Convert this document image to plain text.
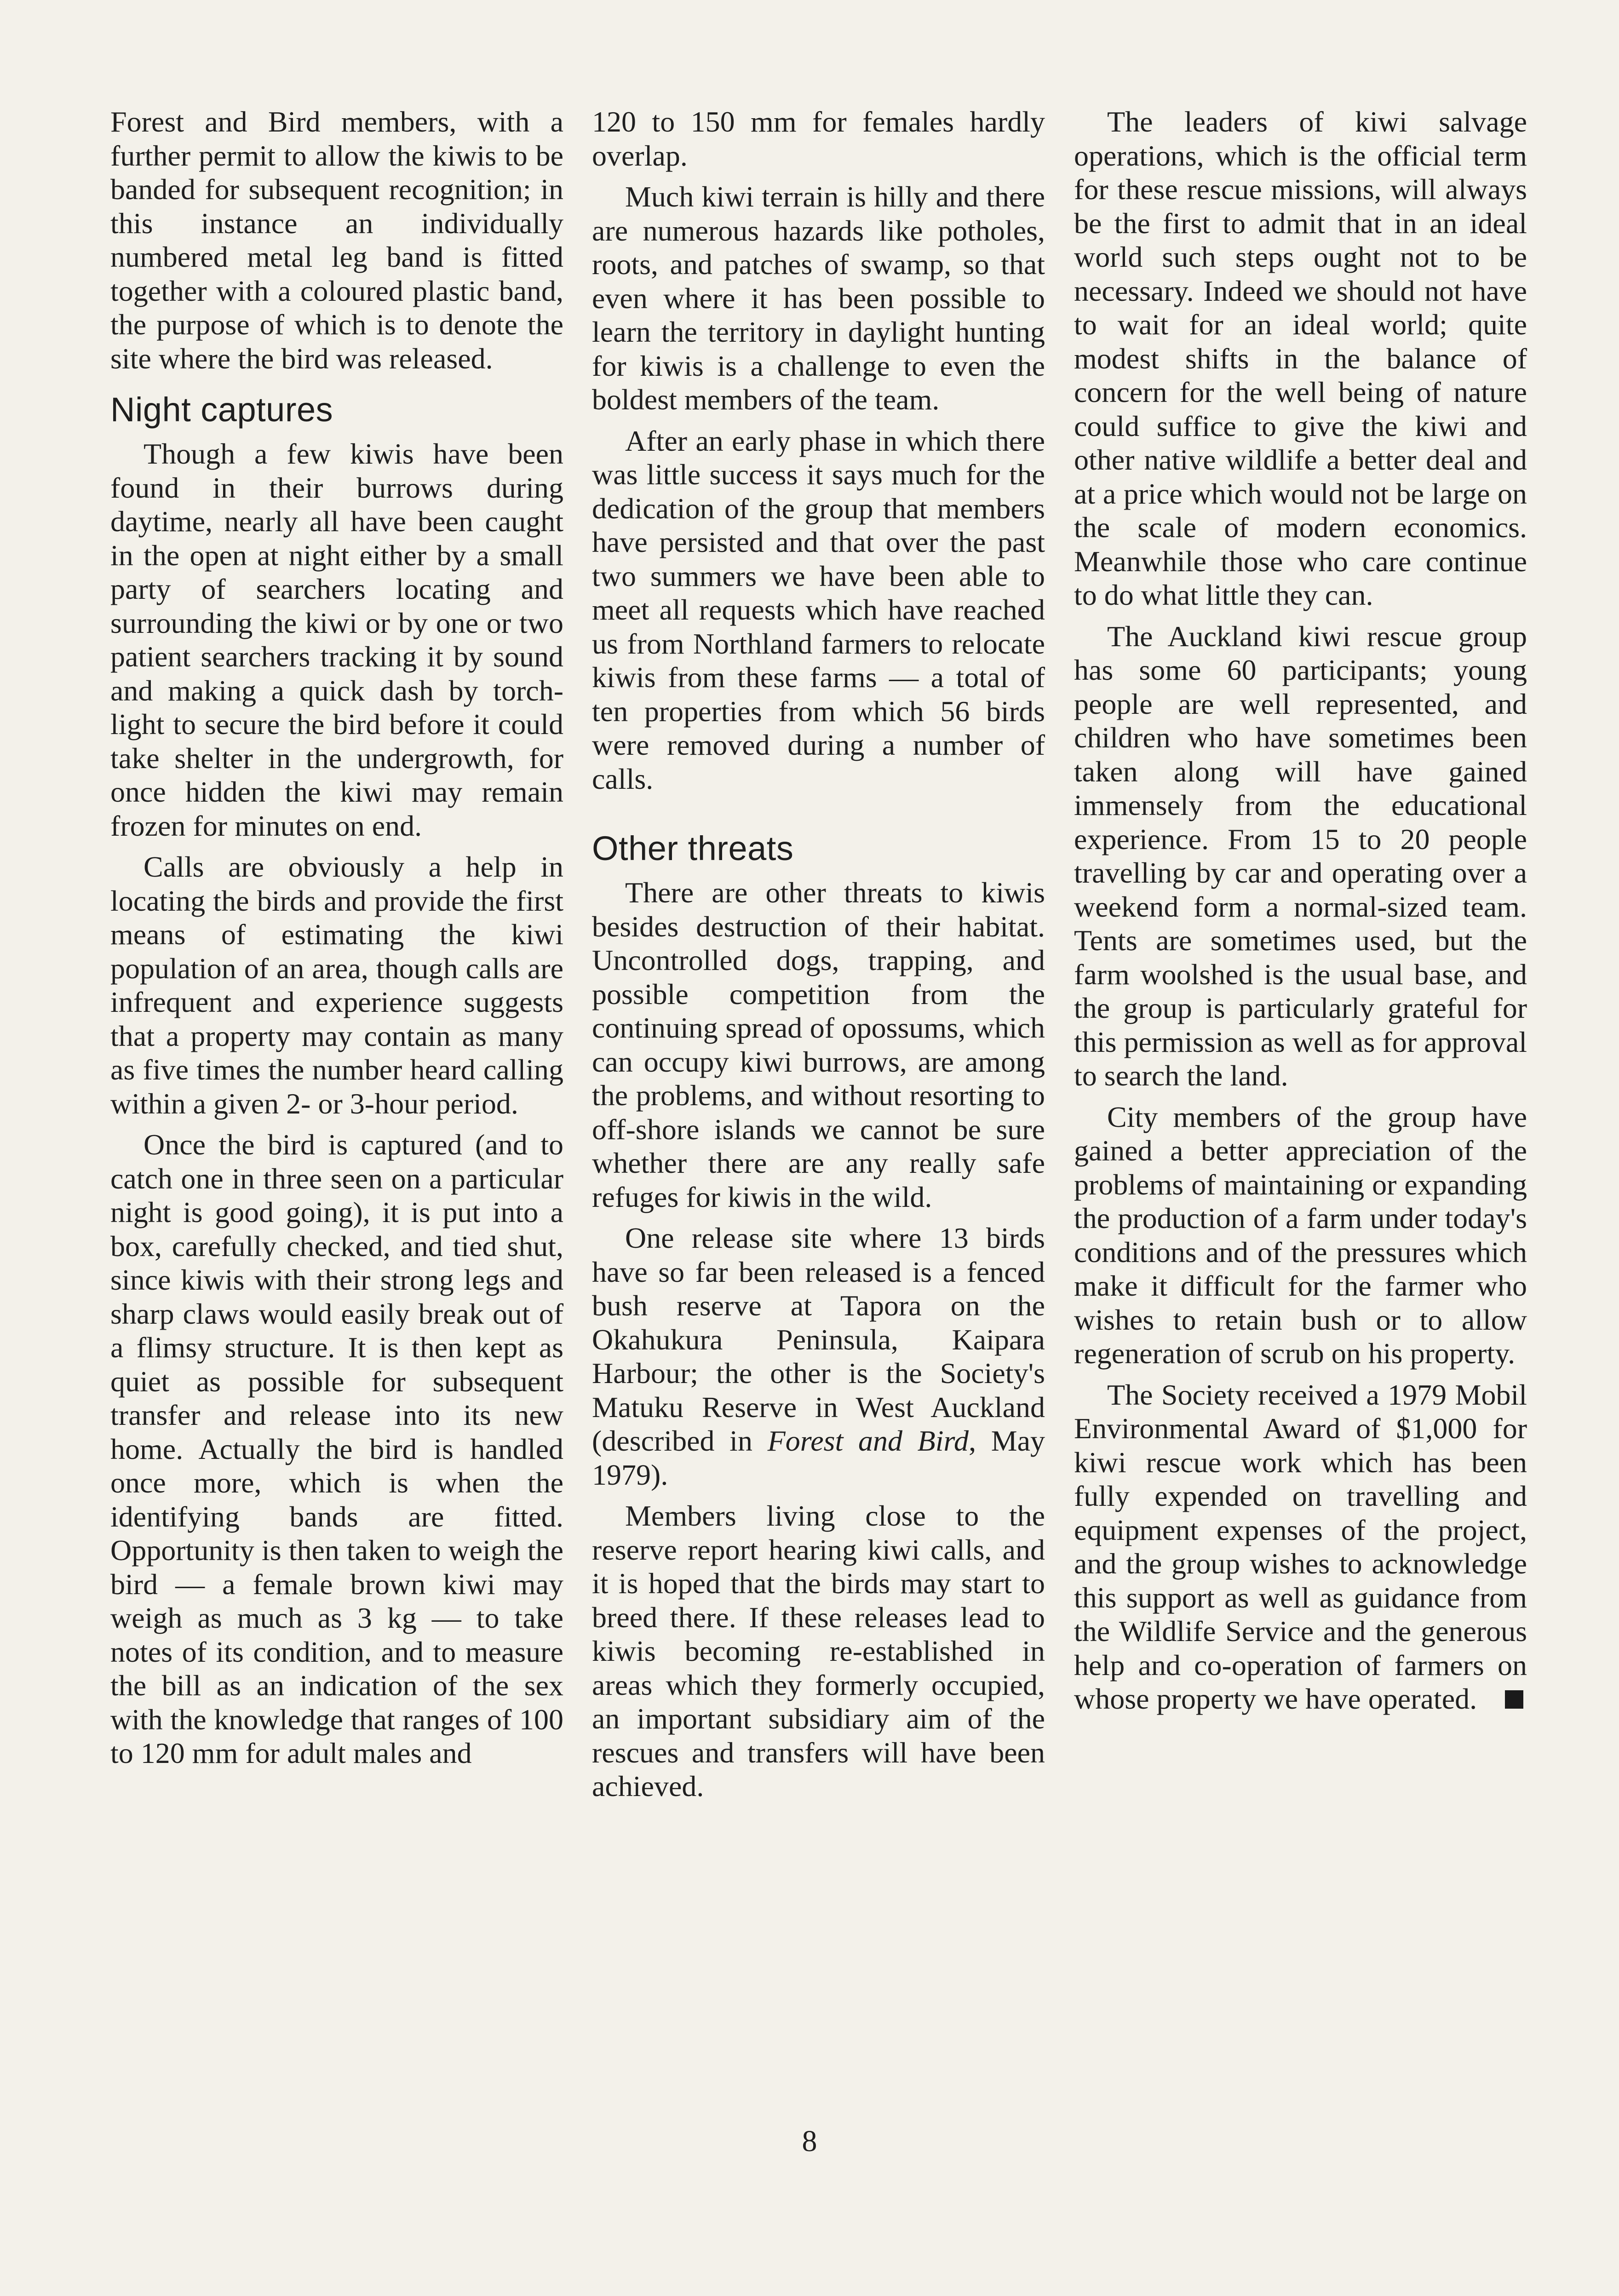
Forest and Bird members, with a further permit to allow the kiwis to be banded for subsequent recognition; in this instance an individually numbered metal leg band is fitted together with a coloured plastic band, the purpose of which is to denote the site where the bird was released.

Night captures

Though a few kiwis have been found in their burrows during daytime, nearly all have been caught in the open at night either by a small party of searchers locating and surrounding the kiwi or by one or two patient searchers tracking it by sound and making a quick dash by torch-light to secure the bird before it could take shelter in the undergrowth, for once hidden the kiwi may remain frozen for minutes on end.

Calls are obviously a help in locating the birds and provide the first means of estimating the kiwi population of an area, though calls are infrequent and experience suggests that a property may contain as many as five times the number heard calling within a given 2- or 3-hour period.

Once the bird is captured (and to catch one in three seen on a particular night is good going), it is put into a box, carefully checked, and tied shut, since kiwis with their strong legs and sharp claws would easily break out of a flimsy structure. It is then kept as quiet as possible for subsequent transfer and release into its new home. Actually the bird is handled once more, which is when the identifying bands are fitted. Opportunity is then taken to weigh the bird — a female brown kiwi may weigh as much as 3 kg — to take notes of its condition, and to measure the bill as an indication of the sex with the knowledge that ranges of 100 to 120 mm for adult males and

120 to 150 mm for females hardly overlap.

Much kiwi terrain is hilly and there are numerous hazards like potholes, roots, and patches of swamp, so that even where it has been possible to learn the territory in daylight hunting for kiwis is a challenge to even the boldest members of the team.

After an early phase in which there was little success it says much for the dedication of the group that members have persisted and that over the past two summers we have been able to meet all requests which have reached us from Northland farmers to relocate kiwis from these farms — a total of ten properties from which 56 birds were removed during a number of calls.

Other threats

There are other threats to kiwis besides destruction of their habitat. Uncontrolled dogs, trapping, and possible competition from the continuing spread of opossums, which can occupy kiwi burrows, are among the problems, and without resorting to off-shore islands we cannot be sure whether there are any really safe refuges for kiwis in the wild.

One release site where 13 birds have so far been released is a fenced bush reserve at Tapora on the Okahukura Peninsula, Kaipara Harbour; the other is the Society's Matuku Reserve in West Auckland (described in Forest and Bird, May 1979).

Members living close to the reserve report hearing kiwi calls, and it is hoped that the birds may start to breed there. If these releases lead to kiwis becoming re-established in areas which they formerly occupied, an important subsidiary aim of the rescues and transfers will have been achieved.

The leaders of kiwi salvage operations, which is the official term for these rescue missions, will always be the first to admit that in an ideal world such steps ought not to be necessary. Indeed we should not have to wait for an ideal world; quite modest shifts in the balance of concern for the well being of nature could suffice to give the kiwi and other native wildlife a better deal and at a price which would not be large on the scale of modern economics. Meanwhile those who care continue to do what little they can.

The Auckland kiwi rescue group has some 60 participants; young people are well represented, and children who have sometimes been taken along will have gained immensely from the educational experience. From 15 to 20 people travelling by car and operating over a weekend form a normal-sized team. Tents are sometimes used, but the farm woolshed is the usual base, and the group is particularly grateful for this permission as well as for approval to search the land.

City members of the group have gained a better appreciation of the problems of maintaining or expanding the production of a farm under today's conditions and of the pressures which make it difficult for the farmer who wishes to retain bush or to allow regeneration of scrub on his property.

The Society received a 1979 Mobil Environmental Award of $1,000 for kiwi rescue work which has been fully expended on travelling and equipment expenses of the project, and the group wishes to acknowledge this support as well as guidance from the Wildlife Service and the generous help and co-operation of farmers on whose property we have operated.

8
